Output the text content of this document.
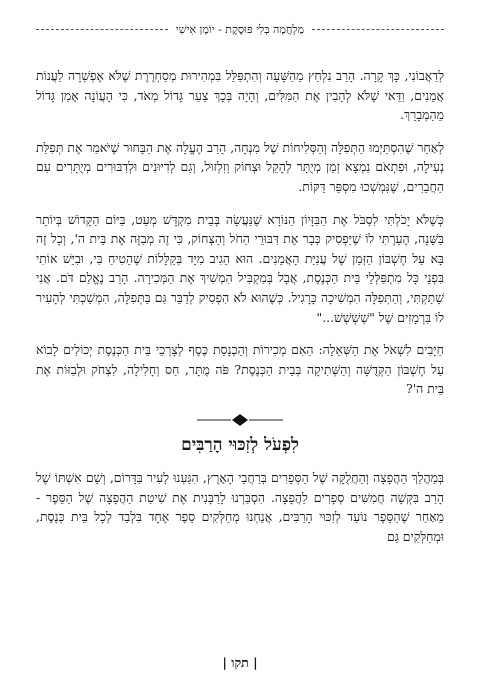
מַלְחֲמָה בְּלִי פּוּסֶקֶת - יוֹמָן אִישִׁי

לְדַאֲבוֹנִי, כָּךְ קָרָה. הָרַב נִלְחַץ מֵהַשָּׁעָה וְהִתְפַּלֵּל בִּמְהִירוּת מְסַחְרֶרֶת שֶׁלֹּא אֶפְשְׁרָה לַעֲנוֹת אֲמֵנִים, וַדַּאי שֶׁלֹּא לְהָבִין אֶת הַמִּלִּים, וְהָיָה בְּכָךְ צַעַר גָּדוֹל מְאֹד, כִּי הָעֲוֹנָה אָמַן גָּדוֹל מֵהַמְבָרֵךְ.

לְאַחַר שֶׁהִסְתַּיְּמוּ הַתְּפִלָּה וְהַסְּלִיחוֹת שֶׁל מִנְחָה, הָרַב הֶעֱלָה אֶת הַבָּחוּר שֶׁיֹּאמַר אֶת תְּפִלַּת נְעִילָה, וּפִתְאֹם נִמְצָא זְמַן מְיֻתָּר לְהָקֵל וּצְחוֹק וְזִלְזוּל, וְגַם לְדִיּוּנִים וּלְדִבּוּרִים מְיֻתָּרִים עִם הַחֲבֵרִים, שֶׁנִּמְשְׁכוּ מִסְפַּר דַּקּוֹת.

כְּשֶׁלֹּא יָכֹלְתִּי לִסְבֹּל אֶת הַבִּזָּיוֹן הַנּוֹרָא שֶׁנַּעֲשָׂה בְּבֵית מִקְדָּשׁ מְעַט, בַּיּוֹם הַקָּדוֹשׁ בְּיוֹתֵר בַּשָּׁנָה, הֶעַרְתִּי לוֹ שֶׁיַּפְסִיק כְּבָר אֶת דִּבּוּרֵי הַחֹל וְהַצְּחוֹק, כִּי זֶה מְבַזֶּה אֶת בֵּית ה', וְכָל זֶה בָּא עַל חֶשְׁבּוֹן הַזְּמַן שֶׁל עֲנִיַּת הָאֲמֵנִים. הוּא הֵגִיב מִיָּד בְּקַלָּלוֹת שֶׁהֵטִיחַ בִּי, וּבִיֵּשׁ אוֹתִי בִּפְנֵי כָּל מִתְפַּלְּלֵי בֵּית הַכְּנֶסֶת, אֲבָל בְּמַקְבִּיל הִמְשִׁיךְ אֶת הַמְּכִירָה. הָרַב נֶאֱלַם דֹּם. אֲנִי שָׁתַקְתִּי, וְהַתְּפִלָּה הִמְשִׁיכָה כָּרָגִיל. כְּשֶׁהוּא לֹא הִפְסִיק לְדַבֵּר גַּם בַּתְּפִלָּה, הִמְשַׁכְתִּי לְהָעִיר לוֹ בִּרְמָזִים שֶׁל "שְׁשְׁשְׁשׁ..."

חַיָּבִים לִשְׁאֹל אֶת הַשְּׁאֵלָה: הַאִם מְכִירוֹת וְהַכְנָסַת כֶּסֶף לְצָרְכֵי בֵּית הַכְּנֶסֶת יְכוֹלִים לָבוֹא עַל חֶשְׁבּוֹן הַקְּדֻשָּׁה וְהַשְּׁתִיקָה בְּבֵית הַכְּנֶסֶת? פֹּה מֻתָּר, חַס וְחָלִילָה, לִצְחֹק וּלְבַזּוֹת אֶת בֵּית ה'?

לִפְעֹל לְזִכּוּי הָרַבִּים

בְּמַהֲלַךְ הַהֲפָצָה וְהַחֲלֻקָּה שֶׁל הַסְּפָרִים בְּרַחֲבֵי הָאָרֶץ, הִגַּעְנוּ לְעִיר בַּדָּרוֹם, וְשָׁם אִשְׁתּוֹ שֶׁל הָרַב בִּקְּשָׁה חֲמִשִּׁים סְפָרִים לַהֲפָצָה. הִסְבַּרְנוּ לָרַבָּנִית אֶת שִׁיטַת הַהֲפָצָה שֶׁל הַסֵּפֶר - מֵאַחַר שֶׁהַסֵּפֶר נוֹעַד לְזִכּוּי הָרַבִּים, אֲנַחְנוּ מְחַלְּקִים סֵפֶר אֶחָד בִּלְבַד לְכָל בֵּית כְּנֶסֶת, וּמְחַלְּקִים גַּם

| תקו |
